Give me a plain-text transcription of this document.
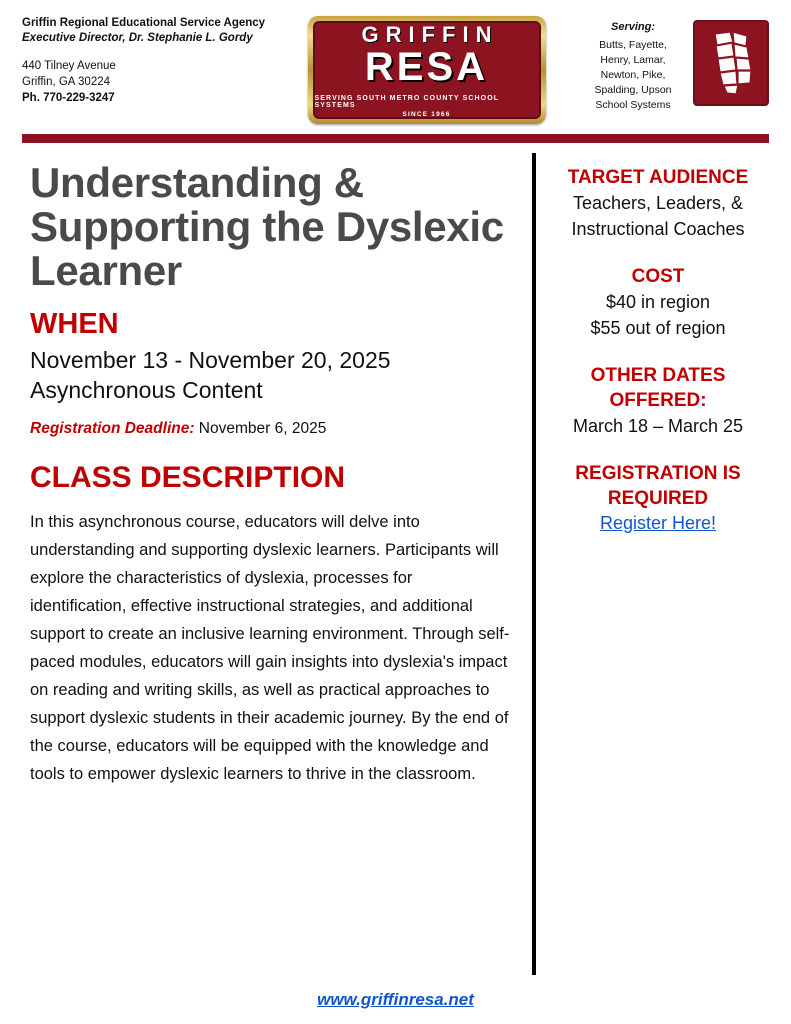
Griffin Regional Educational Service Agency
Executive Director, Dr. Stephanie L. Gordy
440 Tilney Avenue
Griffin, GA 30224
Ph. 770-229-3247
GRIFFIN
RESA
SERVING SOUTH METRO COUNTY SCHOOL SYSTEMS
SINCE 1966
Serving:
Butts, Fayette,
Henry, Lamar,
Newton, Pike,
Spalding, Upson
School Systems
Understanding & Supporting the Dyslexic Learner
WHEN
November 13 - November 20, 2025
Asynchronous Content
Registration Deadline: November 6, 2025
CLASS DESCRIPTION
In this asynchronous course, educators will delve into understanding and supporting dyslexic learners. Participants will explore the characteristics of dyslexia, processes for identification, effective instructional strategies, and additional support to create an inclusive learning environment. Through self-paced modules, educators will gain insights into dyslexia's impact on reading and writing skills, as well as practical approaches to support dyslexic students in their academic journey. By the end of the course, educators will be equipped with the knowledge and tools to empower dyslexic learners to thrive in the classroom.
TARGET AUDIENCE
Teachers, Leaders, & Instructional Coaches
COST
$40 in region
$55 out of region
OTHER DATES OFFERED:
March 18 – March 25
REGISTRATION IS REQUIRED
Register Here!
www.griffinresa.net
